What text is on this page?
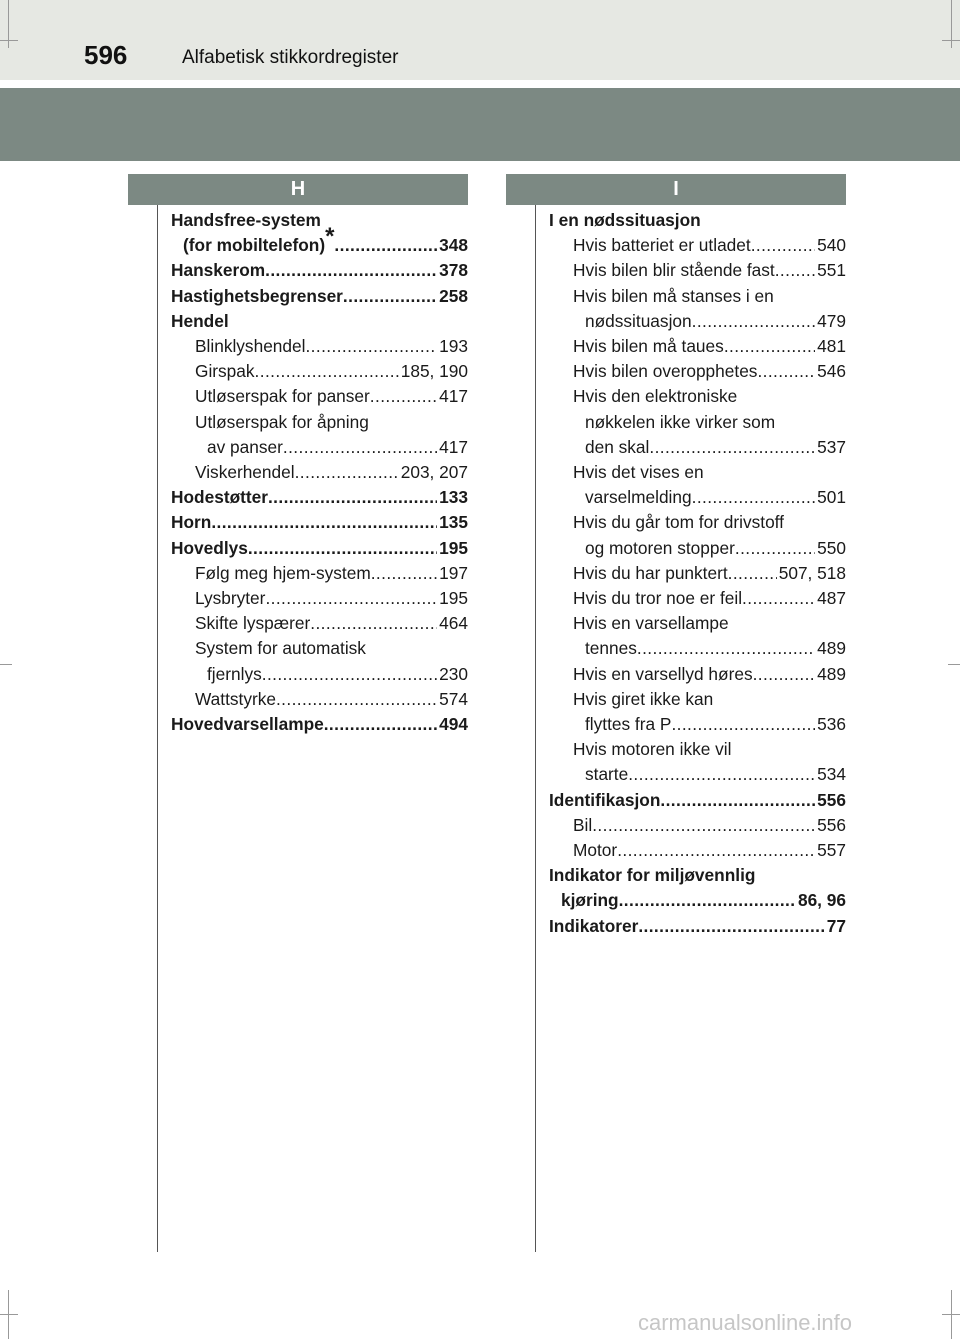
596	Alfabetisk stikkordregister
H	I
Handsfree-system
(for mobiltelefon)* .....	348
Hanskerom .....	378
Hastighetsbegrenser .....	258
Hendel
Blinklyshendel .....	193
Girspak .....	185, 190
Utløserspak for panser .....	417
Utløserspak for åpning
av panser .....	417
Viskerhendel .....	203, 207
Hodestøtter .....	133
Horn .....	135
Hovedlys .....	195
Følg meg hjem-system .....	197
Lysbryter .....	195
Skifte lyspærer .....	464
System for automatisk
fjernlys .....	230
Wattstyrke .....	574
Hovedvarsellampe .....	494
I en nødssituasjon
Hvis batteriet er utladet .....	540
Hvis bilen blir stående fast ..... 551
Hvis bilen må stanses i en
nødssituasjon .....	479
Hvis bilen må taues .....	481
Hvis bilen overopphetes .....	546
Hvis den elektroniske
nøkkelen ikke virker som
den skal .....	537
Hvis det vises en
varselmelding .....	501
Hvis du går tom for drivstoff
og motoren stopper .....	550
Hvis du har punktert .....	507, 518
Hvis du tror noe er feil .....	487
Hvis en varsellampe
tennes .....	489
Hvis en varsellyd høres .....	489
Hvis giret ikke kan
flyttes fra P .....	536
Hvis motoren ikke vil
starte .....	534
Identifikasjon .....	556
Bil .....	556
Motor .....	557
Indikator for miljøvennlig
kjøring .....	86, 96
Indikatorer .....	77
carmanualsonline.info
